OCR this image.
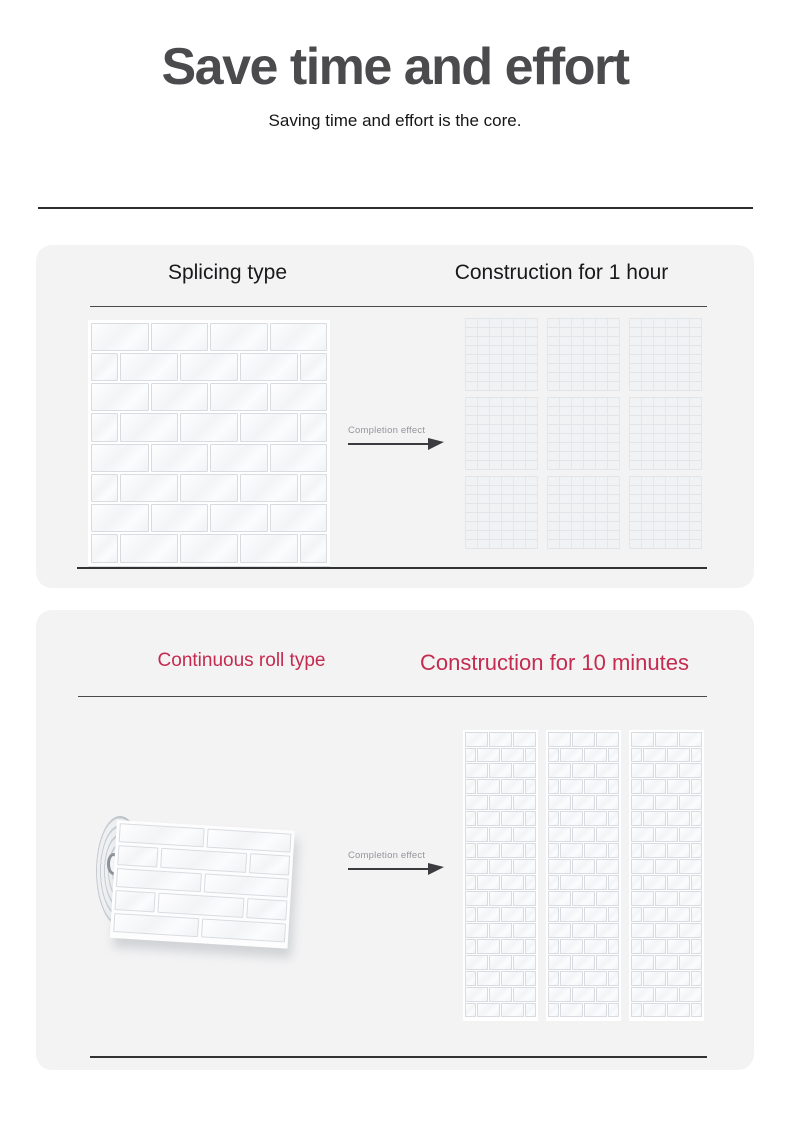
Save time and effort

Saving time and effort is the core.

Splicing type	Construction for 1 hour
Completion effect
Continuous roll type	Construction for 10 minutes
Completion effect
